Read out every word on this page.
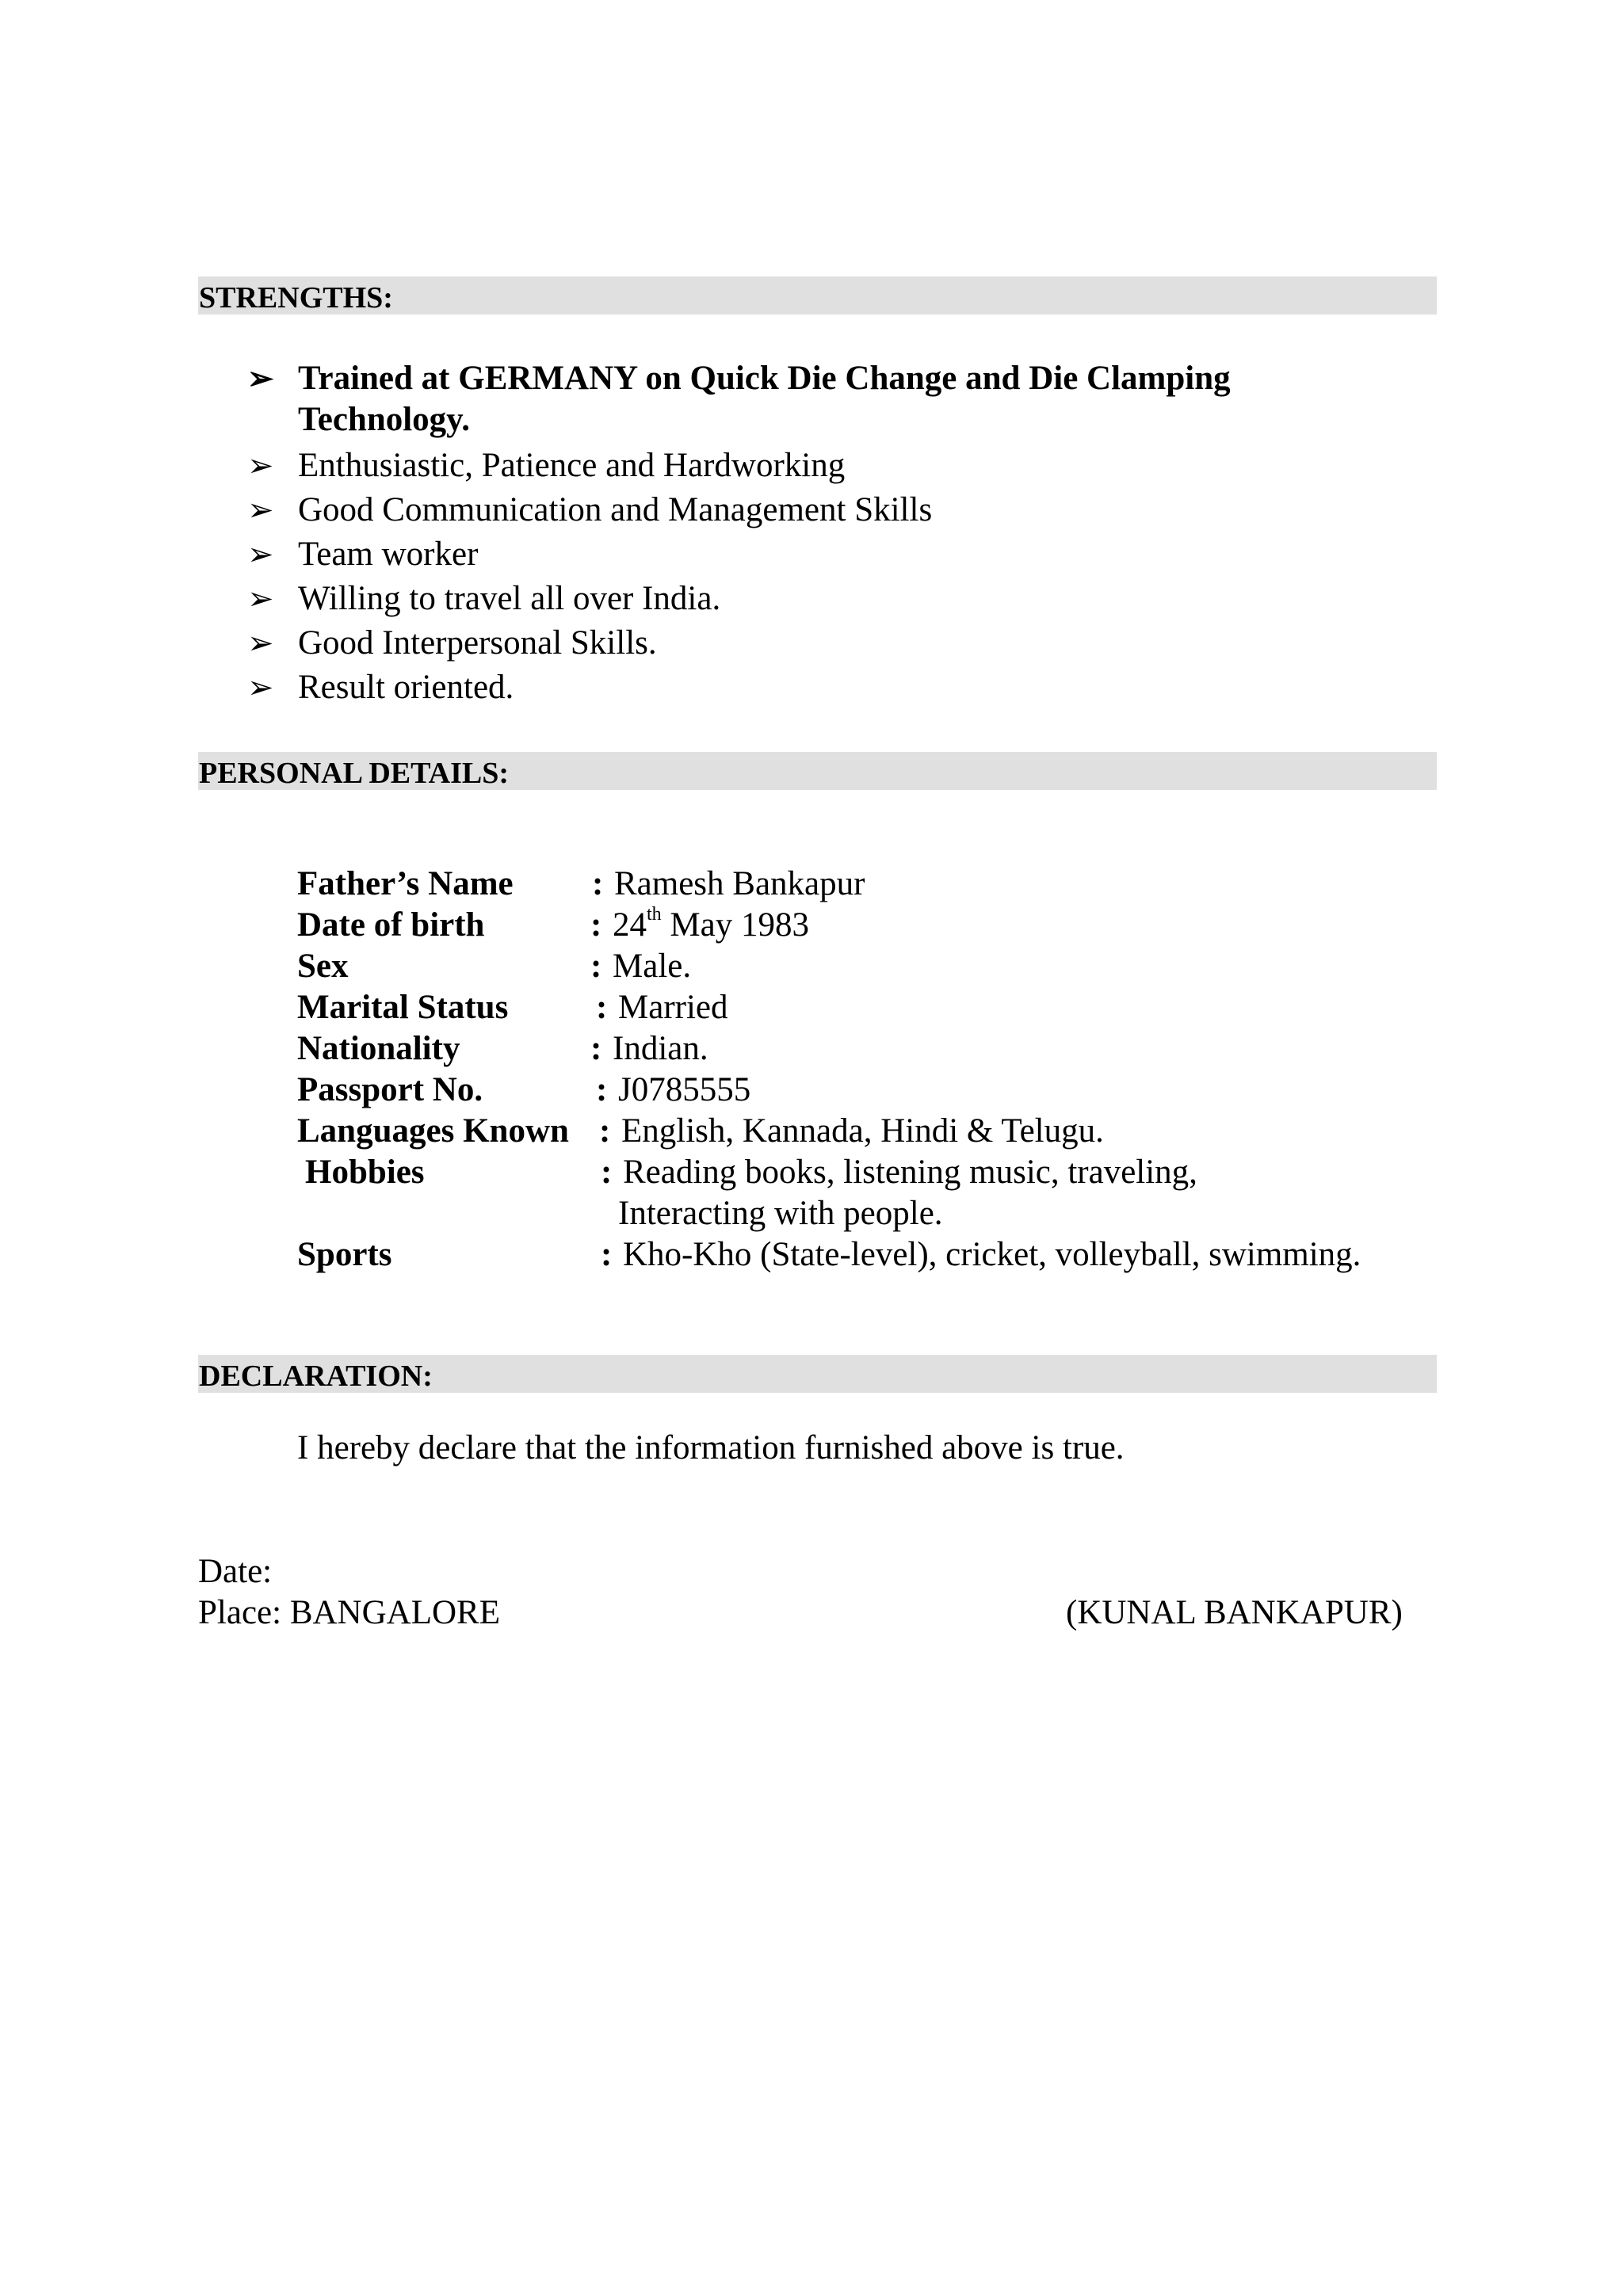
STRENGTHS:
➢ Trained at GERMANY on Quick Die Change and Die Clamping Technology.
➢ Enthusiastic, Patience and Hardworking
➢ Good Communication and Management Skills
➢ Team worker
➢ Willing to travel all over India.
➢ Good Interpersonal Skills.
➢ Result oriented.
PERSONAL DETAILS:
Father’s Name : Ramesh Bankapur
Date of birth	: 24th May 1983
Sex	: Male.
Marital Status	: Married
Nationality	: Indian.
Passport No.	: J0785555
Languages Known : English, Kannada, Hindi & Telugu.
Hobbies	: Reading books, listening music, traveling,
Interacting with people.
Sports	: Kho-Kho (State-level), cricket, volleyball, swimming.
DECLARATION:
I hereby declare that the information furnished above is true.
Date:
Place: BANGALORE	(KUNAL BANKAPUR)
